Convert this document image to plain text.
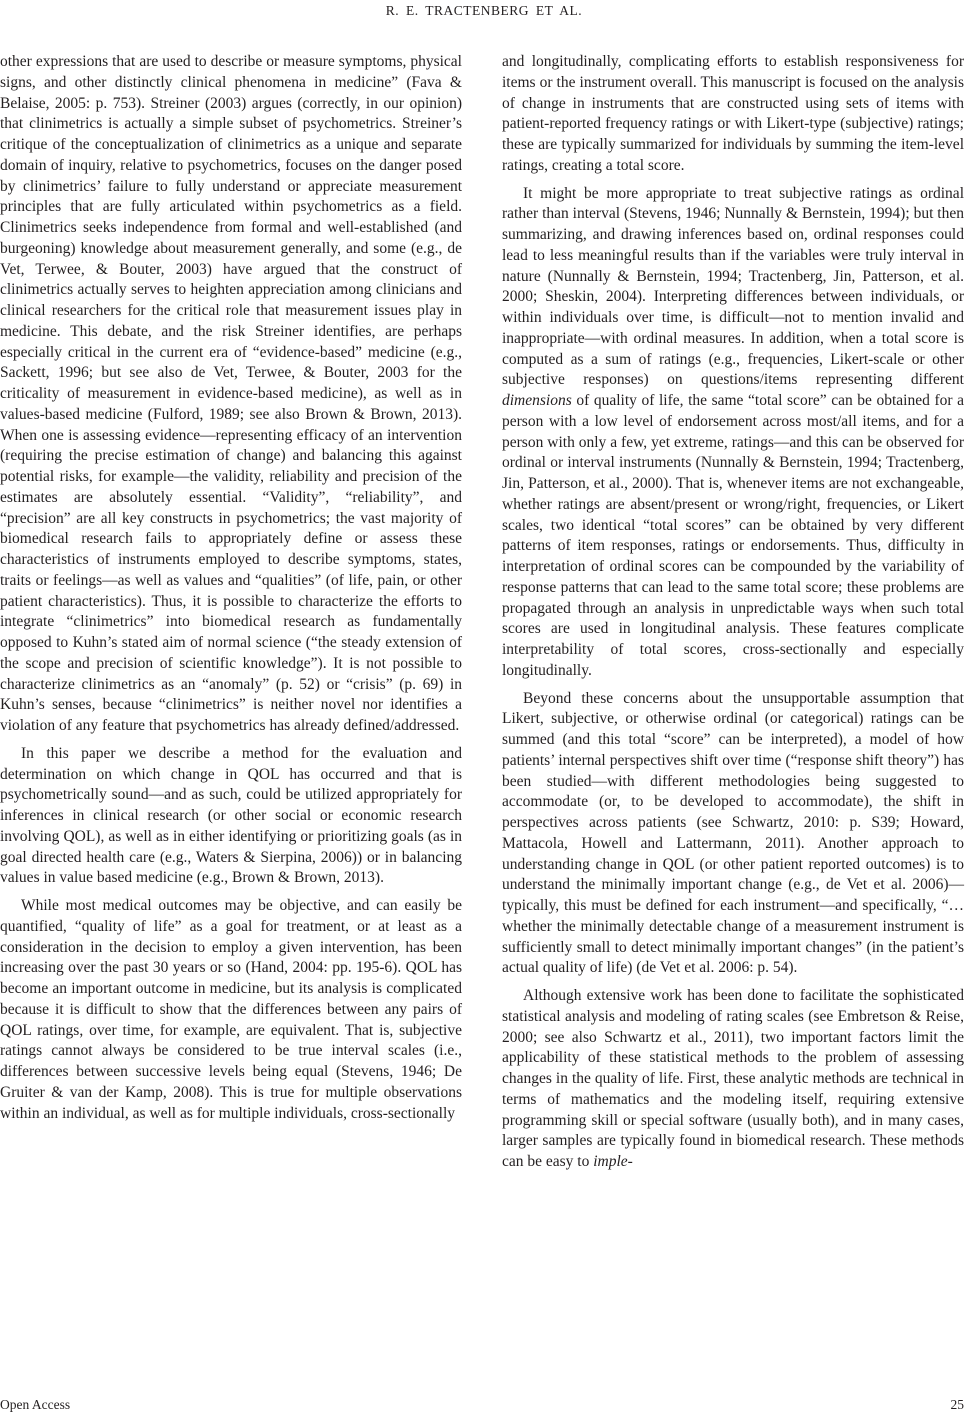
R. E. TRACTENBERG ET AL.

other expressions that are used to describe or measure symptoms, physical signs, and other distinctly clinical phenomena in medicine” (Fava & Belaise, 2005: p. 753). Streiner (2003) argues (correctly, in our opinion) that clinimetrics is actually a simple subset of psychometrics. Streiner’s critique of the conceptualization of clinimetrics as a unique and separate domain of inquiry, relative to psychometrics, focuses on the danger posed by clinimetrics’ failure to fully understand or appreciate measurement principles that are fully articulated within psychometrics as a field. Clinimetrics seeks independence from formal and well-established (and burgeoning) knowledge about measurement generally, and some (e.g., de Vet, Terwee, & Bouter, 2003) have argued that the construct of clinimetrics actually serves to heighten appreciation among clinicians and clinical researchers for the critical role that measurement issues play in medicine. This debate, and the risk Streiner identifies, are perhaps especially critical in the current era of “evidence-based” medicine (e.g., Sackett, 1996; but see also de Vet, Terwee, & Bouter, 2003 for the criticality of measurement in evidence-based medicine), as well as in values-based medicine (Fulford, 1989; see also Brown & Brown, 2013). When one is assessing evidence—representing efficacy of an intervention (requiring the precise estimation of change) and balancing this against potential risks, for example—the validity, reliability and precision of the estimates are absolutely essential. “Validity”, “reliability”, and “precision” are all key constructs in psychometrics; the vast majority of biomedical research fails to appropriately define or assess these characteristics of instruments employed to describe symptoms, states, traits or feelings—as well as values and “qualities” (of life, pain, or other patient characteristics). Thus, it is possible to characterize the efforts to integrate “clinimetrics” into biomedical research as fundamentally opposed to Kuhn’s stated aim of normal science (“the steady extension of the scope and precision of scientific knowledge”). It is not possible to characterize clinimetrics as an “anomaly” (p. 52) or “crisis” (p. 69) in Kuhn’s senses, because “clinimetrics” is neither novel nor identifies a violation of any feature that psychometrics has already defined/addressed.

In this paper we describe a method for the evaluation and determination on which change in QOL has occurred and that is psychometrically sound—and as such, could be utilized appropriately for inferences in clinical research (or other social or economic research involving QOL), as well as in either identifying or prioritizing goals (as in goal directed health care (e.g., Waters & Sierpina, 2006)) or in balancing values in value based medicine (e.g., Brown & Brown, 2013).

While most medical outcomes may be objective, and can easily be quantified, “quality of life” as a goal for treatment, or at least as a consideration in the decision to employ a given intervention, has been increasing over the past 30 years or so (Hand, 2004: pp. 195-6). QOL has become an important outcome in medicine, but its analysis is complicated because it is difficult to show that the differences between any pairs of QOL ratings, over time, for example, are equivalent. That is, subjective ratings cannot always be considered to be true interval scales (i.e., differences between successive levels being equal (Stevens, 1946; De Gruiter & van der Kamp, 2008). This is true for multiple observations within an individual, as well as for multiple individuals, cross-sectionally

and longitudinally, complicating efforts to establish responsiveness for items or the instrument overall. This manuscript is focused on the analysis of change in instruments that are constructed using sets of items with patient-reported frequency ratings or with Likert-type (subjective) ratings; these are typically summarized for individuals by summing the item-level ratings, creating a total score.

It might be more appropriate to treat subjective ratings as ordinal rather than interval (Stevens, 1946; Nunnally & Bernstein, 1994); but then summarizing, and drawing inferences based on, ordinal responses could lead to less meaningful results than if the variables were truly interval in nature (Nunnally & Bernstein, 1994; Tractenberg, Jin, Patterson, et al. 2000; Sheskin, 2004). Interpreting differences between individuals, or within individuals over time, is difficult—not to mention invalid and inappropriate—with ordinal measures. In addition, when a total score is computed as a sum of ratings (e.g., frequencies, Likert-scale or other subjective responses) on questions/items representing different dimensions of quality of life, the same “total score” can be obtained for a person with a low level of endorsement across most/all items, and for a person with only a few, yet extreme, ratings—and this can be observed for ordinal or interval instruments (Nunnally & Bernstein, 1994; Tractenberg, Jin, Patterson, et al., 2000). That is, whenever items are not exchangeable, whether ratings are absent/present or wrong/right, frequencies, or Likert scales, two identical “total scores” can be obtained by very different patterns of item responses, ratings or endorsements. Thus, difficulty in interpretation of ordinal scores can be compounded by the variability of response patterns that can lead to the same total score; these problems are propagated through an analysis in unpredictable ways when such total scores are used in longitudinal analysis. These features complicate interpretability of total scores, cross-sectionally and especially longitudinally.

Beyond these concerns about the unsupportable assumption that Likert, subjective, or otherwise ordinal (or categorical) ratings can be summed (and this total “score” can be interpreted), a model of how patients’ internal perspectives shift over time (“response shift theory”) has been studied—with different methodologies being suggested to accommodate (or, to be developed to accommodate), the shift in perspectives across patients (see Schwartz, 2010: p. S39; Howard, Mattacola, Howell and Lattermann, 2011). Another approach to understanding change in QOL (or other patient reported outcomes) is to understand the minimally important change (e.g., de Vet et al. 2006)—typically, this must be defined for each instrument—and specifically, “…whether the minimally detectable change of a measurement instrument is sufficiently small to detect minimally important changes” (in the patient’s actual quality of life) (de Vet et al. 2006: p. 54).

Although extensive work has been done to facilitate the sophisticated statistical analysis and modeling of rating scales (see Embretson & Reise, 2000; see also Schwartz et al., 2011), two important factors limit the applicability of these statistical methods to the problem of assessing changes in the quality of life. First, these analytic methods are technical in terms of mathematics and the modeling itself, requiring extensive programming skill or special software (usually both), and in many cases, larger samples are typically found in biomedical research. These methods can be easy to imple-

Open Access	25
